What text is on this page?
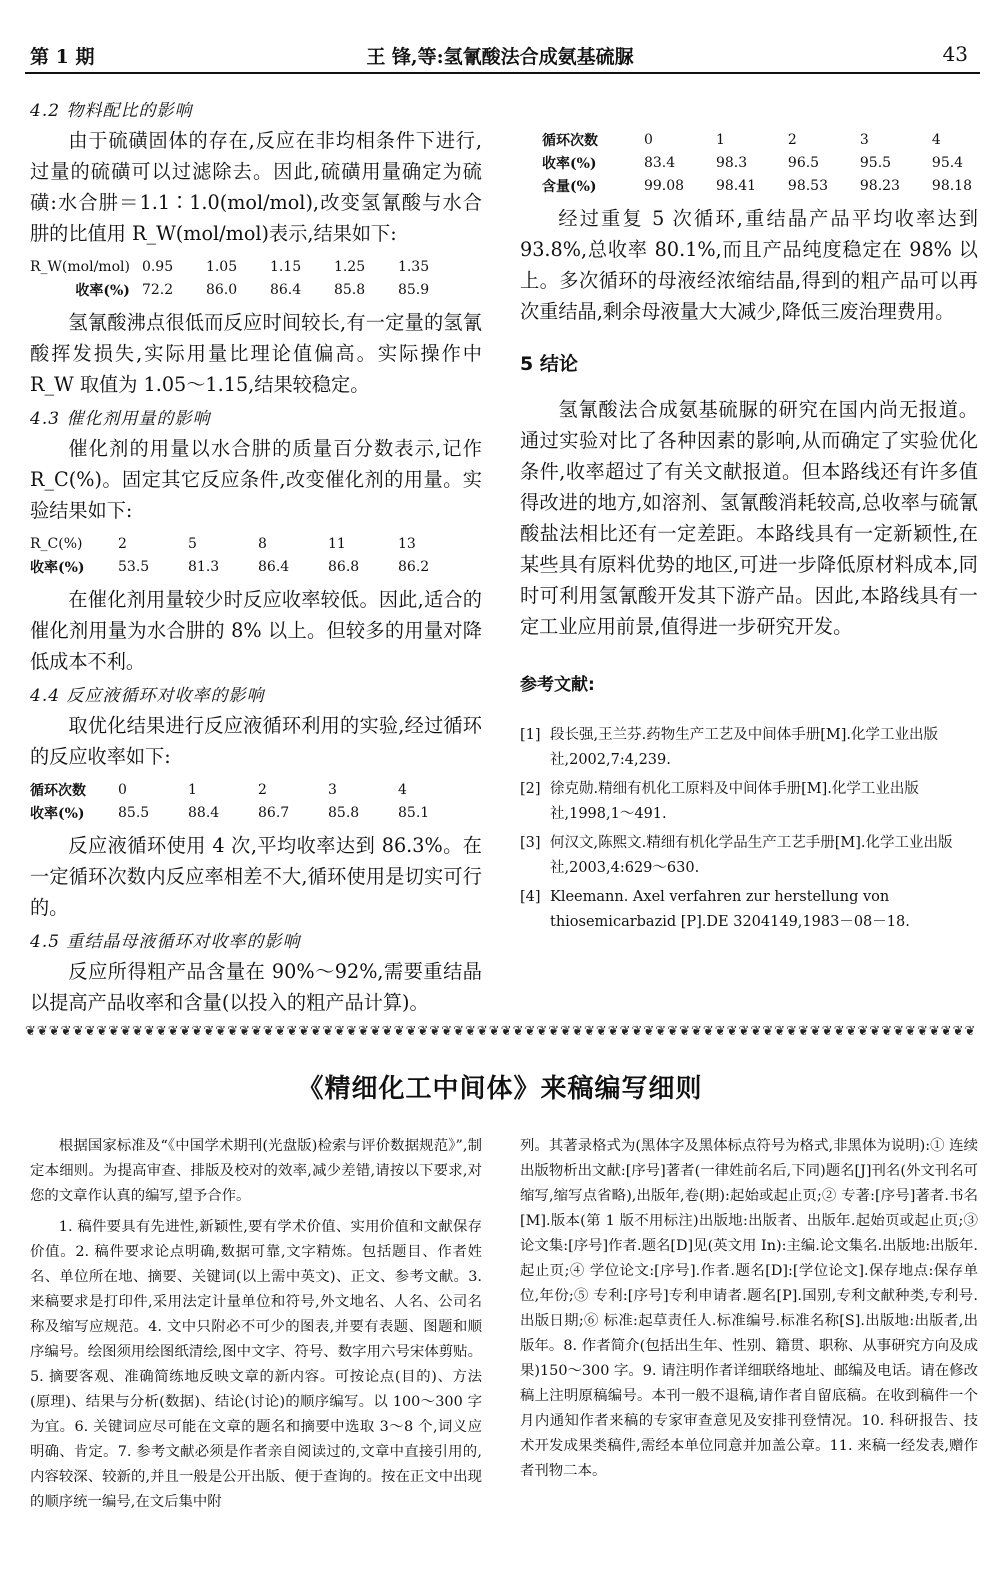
第 1 期	王 锋,等:氢氰酸法合成氨基硫脲	43
4.2 物料配比的影响
由于硫磺固体的存在,反应在非均相条件下进行,过量的硫磺可以过滤除去。因此,硫磺用量确定为硫磺:水合肼＝1.1∶1.0(mol/mol),改变氢氰酸与水合肼的比值用 R_W(mol/mol)表示,结果如下:
R_W(mol/mol)	0.95	1.05	1.15	1.25	1.35
收率(%)	72.2	86.0	86.4	85.8	85.9
氢氰酸沸点很低而反应时间较长,有一定量的氢氰酸挥发损失,实际用量比理论值偏高。实际操作中 R_W 取值为 1.05～1.15,结果较稳定。
4.3 催化剂用量的影响
催化剂的用量以水合肼的质量百分数表示,记作 R_C(%)。固定其它反应条件,改变催化剂的用量。实验结果如下:
R_C(%)	2	5	8	11	13
收率(%)	53.5	81.3	86.4	86.8	86.2
在催化剂用量较少时反应收率较低。因此,适合的催化剂用量为水合肼的 8% 以上。但较多的用量对降低成本不利。
4.4 反应液循环对收率的影响
取优化结果进行反应液循环利用的实验,经过循环的反应收率如下:
循环次数	0	1	2	3	4
收率(%)	85.5	88.4	86.7	85.8	85.1
反应液循环使用 4 次,平均收率达到 86.3%。在一定循环次数内反应率相差不大,循环使用是切实可行的。
4.5 重结晶母液循环对收率的影响
反应所得粗产品含量在 90%～92%,需要重结晶以提高产品收率和含量(以投入的粗产品计算)。
循环次数	0	1	2	3	4
收率(%)	83.4	98.3	96.5	95.5	95.4
含量(%)	99.08	98.41	98.53	98.23	98.18
经过重复 5 次循环,重结晶产品平均收率达到 93.8%,总收率 80.1%,而且产品纯度稳定在 98% 以上。多次循环的母液经浓缩结晶,得到的粗产品可以再次重结晶,剩余母液量大大减少,降低三废治理费用。
5 结论
氢氰酸法合成氨基硫脲的研究在国内尚无报道。通过实验对比了各种因素的影响,从而确定了实验优化条件,收率超过了有关文献报道。但本路线还有许多值得改进的地方,如溶剂、氢氰酸消耗较高,总收率与硫氰酸盐法相比还有一定差距。本路线具有一定新颖性,在某些具有原料优势的地区,可进一步降低原材料成本,同时可利用氢氰酸开发其下游产品。因此,本路线具有一定工业应用前景,值得进一步研究开发。
参考文献:
[1] 段长强,王兰芬.药物生产工艺及中间体手册[M].化学工业出版社,2002,7:4,239.
[2] 徐克勋.精细有机化工原料及中间体手册[M].化学工业出版社,1998,1～491.
[3] 何汉文,陈熙文.精细有机化学品生产工艺手册[M].化学工业出版社,2003,4:629～630.
[4] Kleemann. Axel verfahren zur herstellung von thiosemicarbazid [P].DE 3204149,1983－08－18.
❦❦❦❦❦❦❦❦❦❦❦❦❦❦❦❦❦❦❦❦❦❦❦❦❦❦❦❦❦❦❦❦❦❦❦❦❦❦❦❦❦❦❦❦❦❦❦❦❦❦❦❦❦❦❦❦❦❦❦❦❦❦❦❦❦❦❦❦❦❦❦❦❦❦❦❦❦❦❦❦
《精细化工中间体》来稿编写细则
根据国家标准及“《中国学术期刊(光盘版)检索与评价数据规范》”,制定本细则。为提高审查、排版及校对的效率,减少差错,请按以下要求,对您的文章作认真的编写,望予合作。
1. 稿件要具有先进性,新颖性,要有学术价值、实用价值和文献保存价值。2. 稿件要求论点明确,数据可靠,文字精炼。包括题目、作者姓名、单位所在地、摘要、关键词(以上需中英文)、正文、参考文献。3.来稿要求是打印件,采用法定计量单位和符号,外文地名、人名、公司名称及缩写应规范。4. 文中只附必不可少的图表,并要有表题、图题和顺序编号。绘图须用绘图纸清绘,图中文字、符号、数字用六号宋体剪贴。5. 摘要客观、准确简练地反映文章的新内容。可按论点(目的)、方法(原理)、结果与分析(数据)、结论(讨论)的顺序编写。以 100～300 字为宜。6. 关键词应尽可能在文章的题名和摘要中选取 3～8 个,词义应明确、肯定。7. 参考文献必须是作者亲自阅读过的,文章中直接引用的,内容较深、较新的,并且一般是公开出版、便于查询的。按在正文中出现的顺序统一编号,在文后集中附
列。其著录格式为(黑体字及黑体标点符号为格式,非黑体为说明):① 连续出版物析出文献:[序号]著者(一律姓前名后,下同)题名[J]刊名(外文刊名可缩写,缩写点省略),出版年,卷(期):起始或起止页;② 专著:[序号]著者.书名[M].版本(第 1 版不用标注)出版地:出版者、出版年.起始页或起止页;③ 论文集:[序号]作者.题名[D]见(英文用 In):主编.论文集名.出版地:出版年.起止页;④ 学位论文:[序号].作者.题名[D]:[学位论文].保存地点:保存单位,年份;⑤ 专利:[序号]专利申请者.题名[P].国别,专利文献种类,专利号.出版日期;⑥ 标准:起草责任人.标准编号.标准名称[S].出版地:出版者,出版年。8. 作者简介(包括出生年、性别、籍贯、职称、从事研究方向及成果)150～300 字。9. 请注明作者详细联络地址、邮编及电话。请在修改稿上注明原稿编号。本刊一般不退稿,请作者自留底稿。在收到稿件一个月内通知作者来稿的专家审查意见及安排刊登情况。10. 科研报告、技术开发成果类稿件,需经本单位同意并加盖公章。11. 来稿一经发表,赠作者刊物二本。
